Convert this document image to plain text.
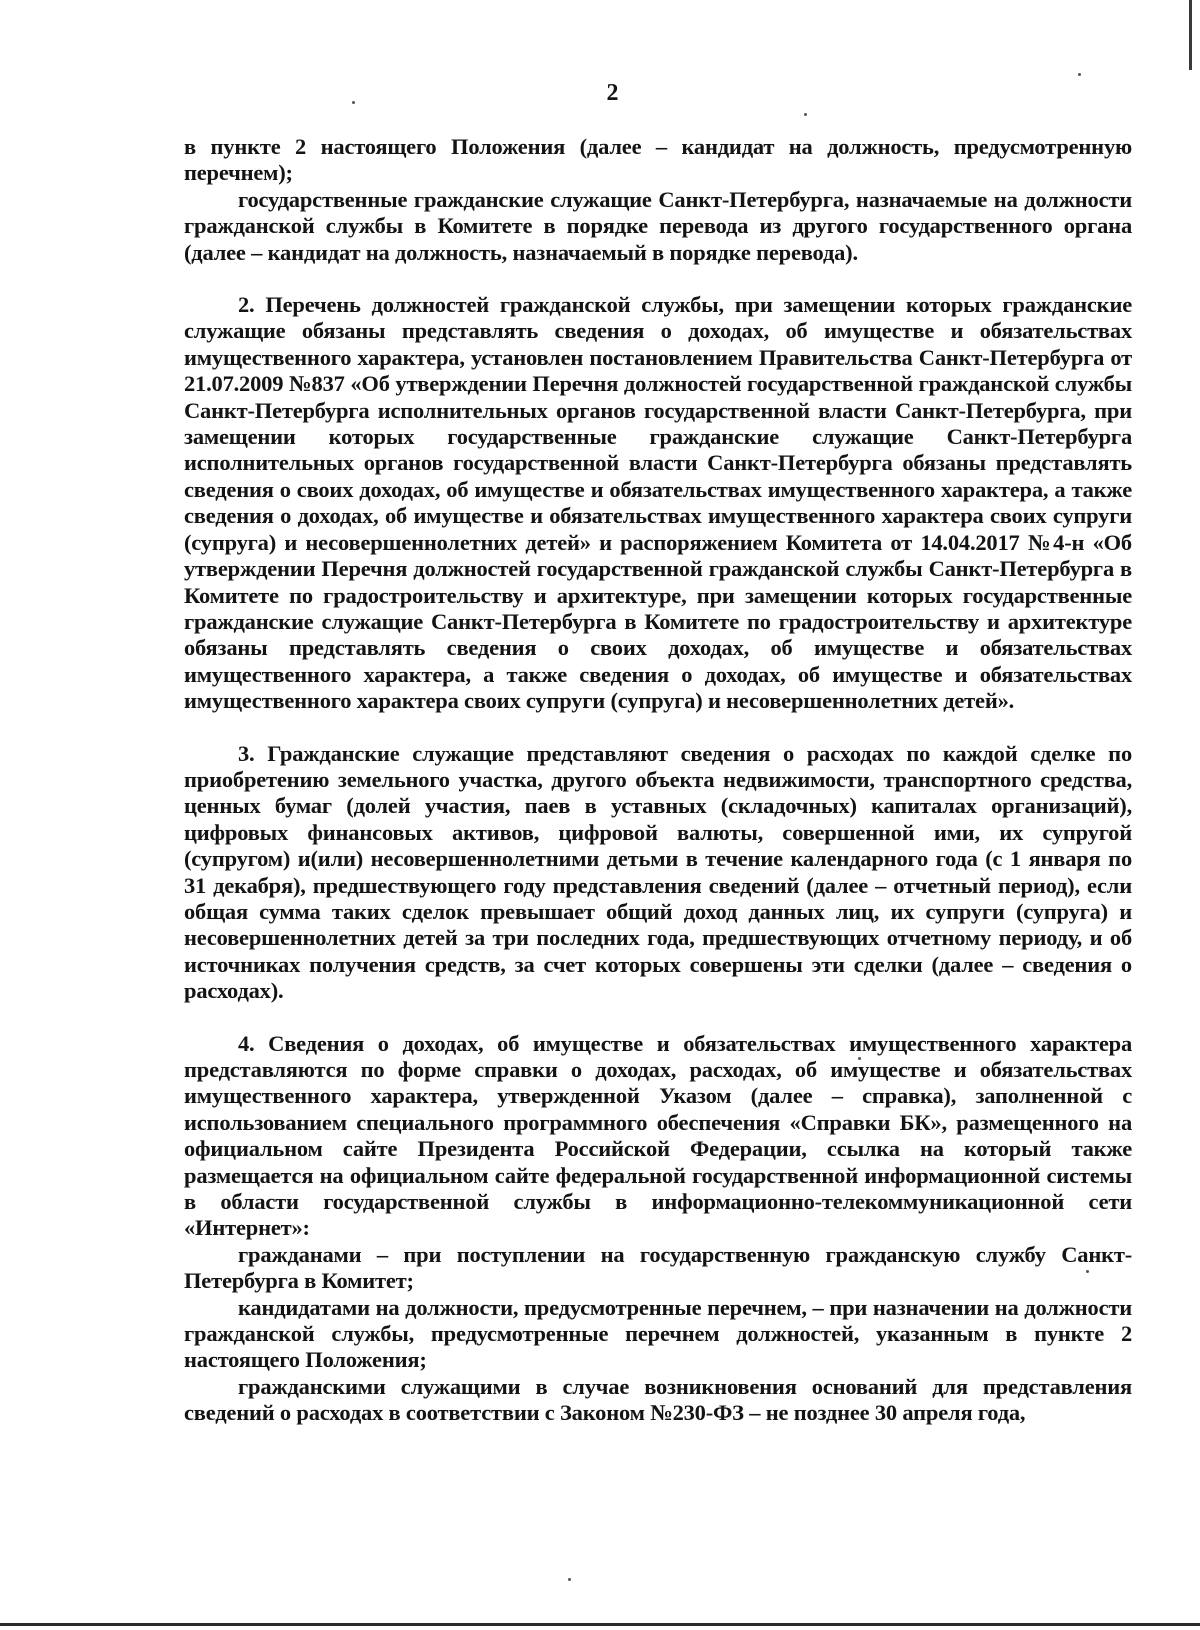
2

в пункте 2 настоящего Положения (далее – кандидат на должность, предусмотренную перечнем);

государственные гражданские служащие Санкт-Петербурга, назначаемые на должности гражданской службы в Комитете в порядке перевода из другого государственного органа (далее – кандидат на должность, назначаемый в порядке перевода).

2. Перечень должностей гражданской службы, при замещении которых гражданские служащие обязаны представлять сведения о доходах, об имуществе и обязательствах имущественного характера, установлен постановлением Правительства Санкт-Петербурга от 21.07.2009 №837 «Об утверждении Перечня должностей государственной гражданской службы Санкт-Петербурга исполнительных органов государственной власти Санкт-Петербурга, при замещении которых государственные гражданские служащие Санкт-Петербурга исполнительных органов государственной власти Санкт-Петербурга обязаны представлять сведения о своих доходах, об имуществе и обязательствах имущественного характера, а также сведения о доходах, об имуществе и обязательствах имущественного характера своих супруги (супруга) и несовершеннолетних детей» и распоряжением Комитета от 14.04.2017 №4-н «Об утверждении Перечня должностей государственной гражданской службы Санкт-Петербурга в Комитете по градостроительству и архитектуре, при замещении которых государственные гражданские служащие Санкт-Петербурга в Комитете по градостроительству и архитектуре обязаны представлять сведения о своих доходах, об имуществе и обязательствах имущественного характера, а также сведения о доходах, об имуществе и обязательствах имущественного характера своих супруги (супруга) и несовершеннолетних детей».

3. Гражданские служащие представляют сведения о расходах по каждой сделке по приобретению земельного участка, другого объекта недвижимости, транспортного средства, ценных бумаг (долей участия, паев в уставных (складочных) капиталах организаций), цифровых финансовых активов, цифровой валюты, совершенной ими, их супругой (супругом) и(или) несовершеннолетними детьми в течение календарного года (с 1 января по 31 декабря), предшествующего году представления сведений (далее – отчетный период), если общая сумма таких сделок превышает общий доход данных лиц, их супруги (супруга) и несовершеннолетних детей за три последних года, предшествующих отчетному периоду, и об источниках получения средств, за счет которых совершены эти сделки (далее – сведения о расходах).

4. Сведения о доходах, об имуществе и обязательствах имущественного характера представляются по форме справки о доходах, расходах, об имуществе и обязательствах имущественного характера, утвержденной Указом (далее – справка), заполненной с использованием специального программного обеспечения «Справки БК», размещенного на официальном сайте Президента Российской Федерации, ссылка на который также размещается на официальном сайте федеральной государственной информационной системы в области государственной службы в информационно-телекоммуникационной сети «Интернет»:

гражданами – при поступлении на государственную гражданскую службу Санкт-Петербурга в Комитет;

кандидатами на должности, предусмотренные перечнем, – при назначении на должности гражданской службы, предусмотренные перечнем должностей, указанным в пункте 2 настоящего Положения;

гражданскими служащими в случае возникновения оснований для представления сведений о расходах в соответствии с Законом №230-ФЗ – не позднее 30 апреля года,
